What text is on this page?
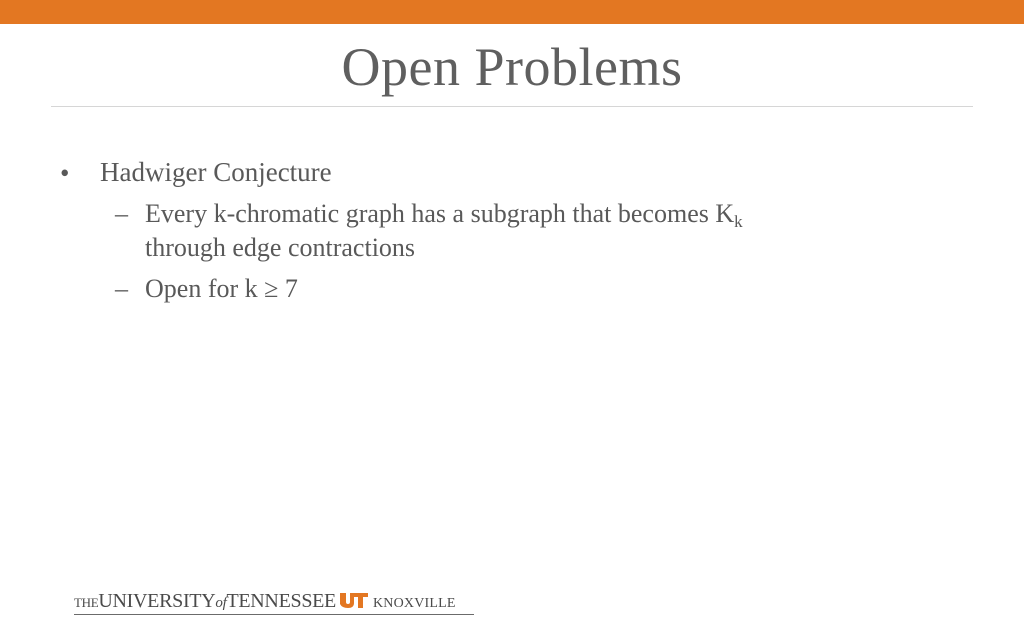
Open Problems
• Hadwiger Conjecture
– Every k-chromatic graph has a subgraph that becomes $K_k$
through edge contractions
– Open for k ≥ 7
THEUNIVERSITYofTENNESSEE	KNOXVILLE
